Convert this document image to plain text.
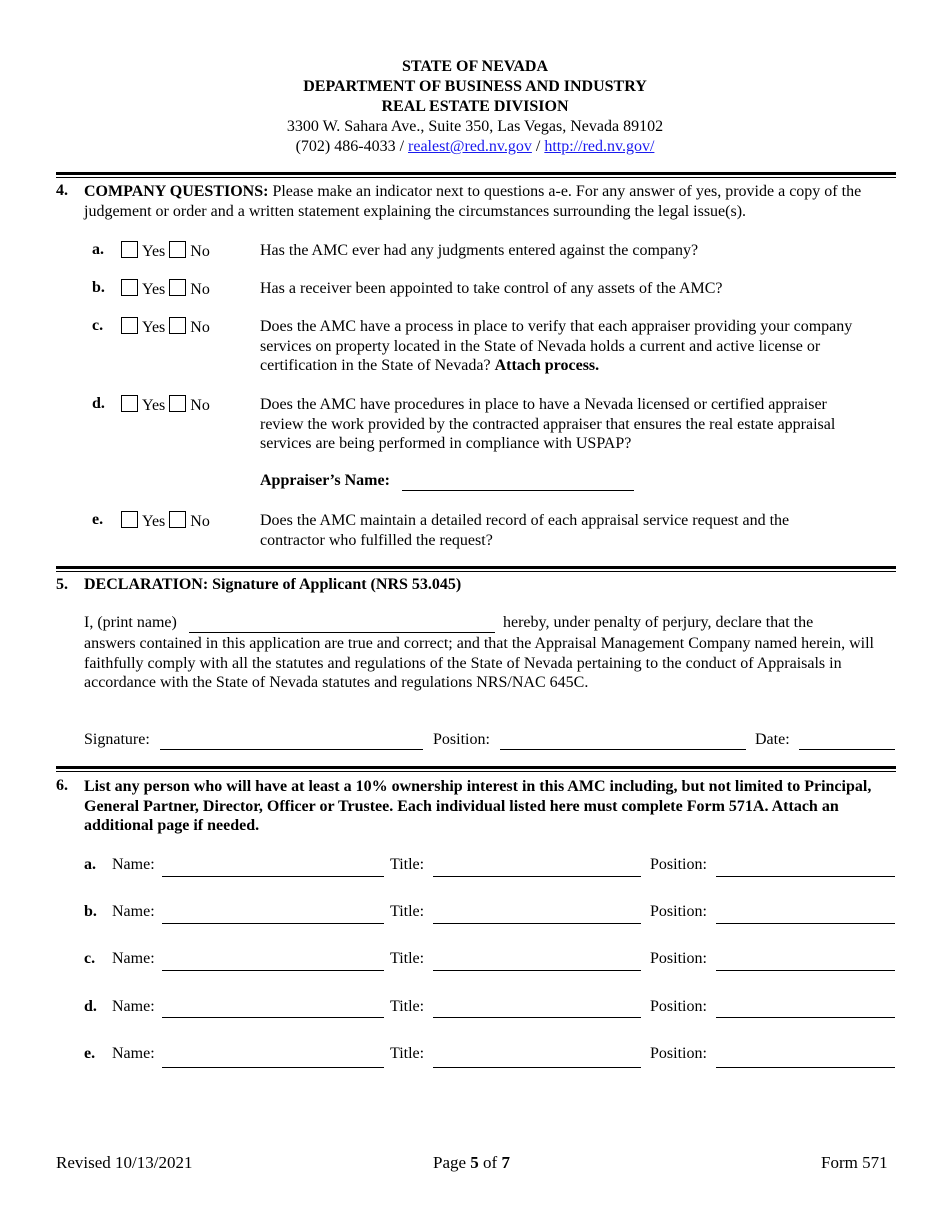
STATE OF NEVADA
DEPARTMENT OF BUSINESS AND INDUSTRY
REAL ESTATE DIVISION
3300 W. Sahara Ave., Suite 350, Las Vegas, Nevada 89102
(702) 486-4033 / realest@red.nv.gov / http://red.nv.gov/
4. COMPANY QUESTIONS: Please make an indicator next to questions a-e. For any answer of yes, provide a copy of the judgement or order and a written statement explaining the circumstances surrounding the legal issue(s).
a.	Yes No	Has the AMC ever had any judgments entered against the company?
b.	Yes No	Has a receiver been appointed to take control of any assets of the AMC?
c.	Yes No	Does the AMC have a process in place to verify that each appraiser providing your company services on property located in the State of Nevada holds a current and active license or certification in the State of Nevada? Attach process.
d.	Yes No	Does the AMC have procedures in place to have a Nevada licensed or certified appraiser review the work provided by the contracted appraiser that ensures the real estate appraisal services are being performed in compliance with USPAP?
Appraiser’s Name:
e.	Yes No	Does the AMC maintain a detailed record of each appraisal service request and the contractor who fulfilled the request?
5. DECLARATION: Signature of Applicant (NRS 53.045)
I, (print name)	hereby, under penalty of perjury, declare that the
answers contained in this application are true and correct; and that the Appraisal Management Company named herein, will faithfully comply with all the statutes and regulations of the State of Nevada pertaining to the conduct of Appraisals in accordance with the State of Nevada statutes and regulations NRS/NAC 645C.
Signature:	Position:	Date:
6. List any person who will have at least a 10% ownership interest in this AMC including, but not limited to Principal, General Partner, Director, Officer or Trustee. Each individual listed here must complete Form 571A. Attach an additional page if needed.
a. Name:	Title:	Position:
b. Name:	Title:	Position:
c. Name:	Title:	Position:
d. Name:	Title:	Position:
e. Name:	Title:	Position:
Revised 10/13/2021	Page 5 of 7	Form 571
